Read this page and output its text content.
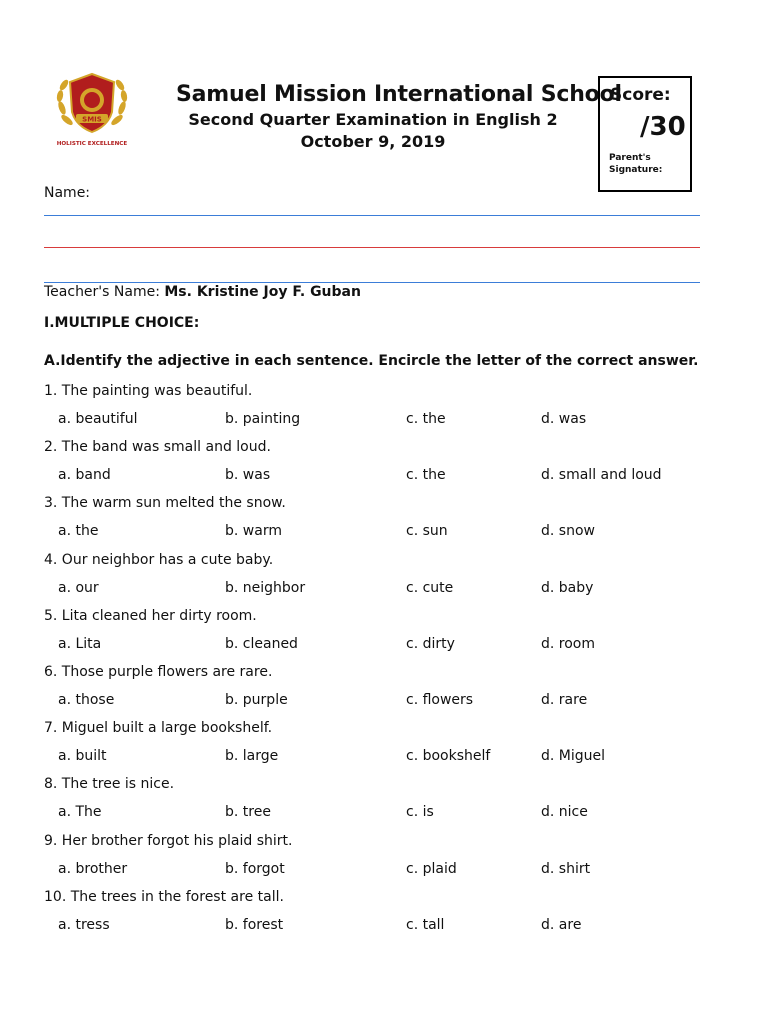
SMIS
HOLISTIC EXCELLENCE
Samuel Mission International School
Second Quarter Examination in English 2
October 9, 2019
Score:
/30
Parent's Signature:
Name:
Teacher's Name: Ms. Kristine Joy F. Guban
I.MULTIPLE CHOICE:
A.Identify the adjective in each sentence. Encircle the letter of the correct answer.
1. The painting was beautiful.
a. beautiful	b. painting	c. the	d. was
2. The band was small and loud.
a. band	b. was	c. the	d. small and loud
3. The warm sun melted the snow.
a. the	b. warm	c. sun	d. snow
4. Our neighbor has a cute baby.
a. our	b. neighbor	c. cute	d. baby
5. Lita cleaned her dirty room.
a. Lita	b. cleaned	c. dirty	d. room
6. Those purple flowers are rare.
a. those	b. purple	c. flowers	d. rare
7. Miguel built a large bookshelf.
a. built	b. large	c. bookshelf	d. Miguel
8. The tree is nice.
a. The	b. tree	c. is	d. nice
9. Her brother forgot his plaid shirt.
a. brother	b. forgot	c. plaid	d. shirt
10. The trees in the forest are tall.
a. tress	b. forest	c. tall	d. are
